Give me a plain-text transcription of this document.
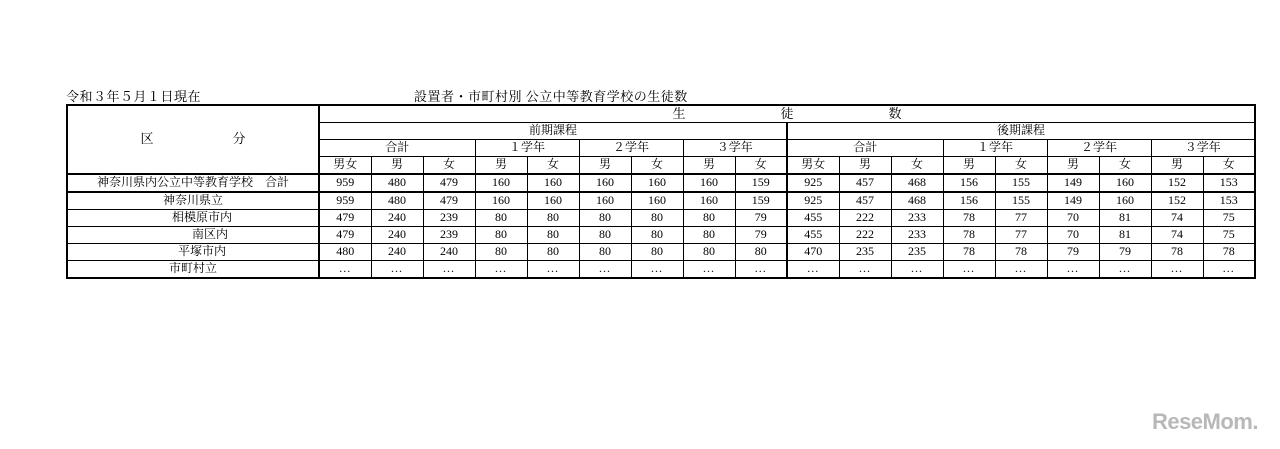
令和３年５月１日現在	設置者・市町村別 公立中等教育学校の生徒数
区　　　分	生　　　徒　　　数																	
	前期課程									後期課程								
	合計			１学年		２学年		３学年		合計			１学年		２学年		３学年	
	男女	男	女	男	女	男	女	男	女	男女	男	女	男	女	男	女	男	女
神奈川県内公立中等教育学校　合計	959	480	479	160	160	160	160	160	159	925	457	468	156	155	149	160	152	153
神奈川県立	959	480	479	160	160	160	160	160	159	925	457	468	156	155	149	160	152	153
相模原市内	479	240	239	80	80	80	80	80	79	455	222	233	78	77	70	81	74	75
南区内	479	240	239	80	80	80	80	80	79	455	222	233	78	77	70	81	74	75
平塚市内	480	240	240	80	80	80	80	80	80	470	235	235	78	78	79	79	78	78
市町村立	…	…	…	…	…	…	…	…	…	…	…	…	…	…	…	…	…	…
ReseMom.
